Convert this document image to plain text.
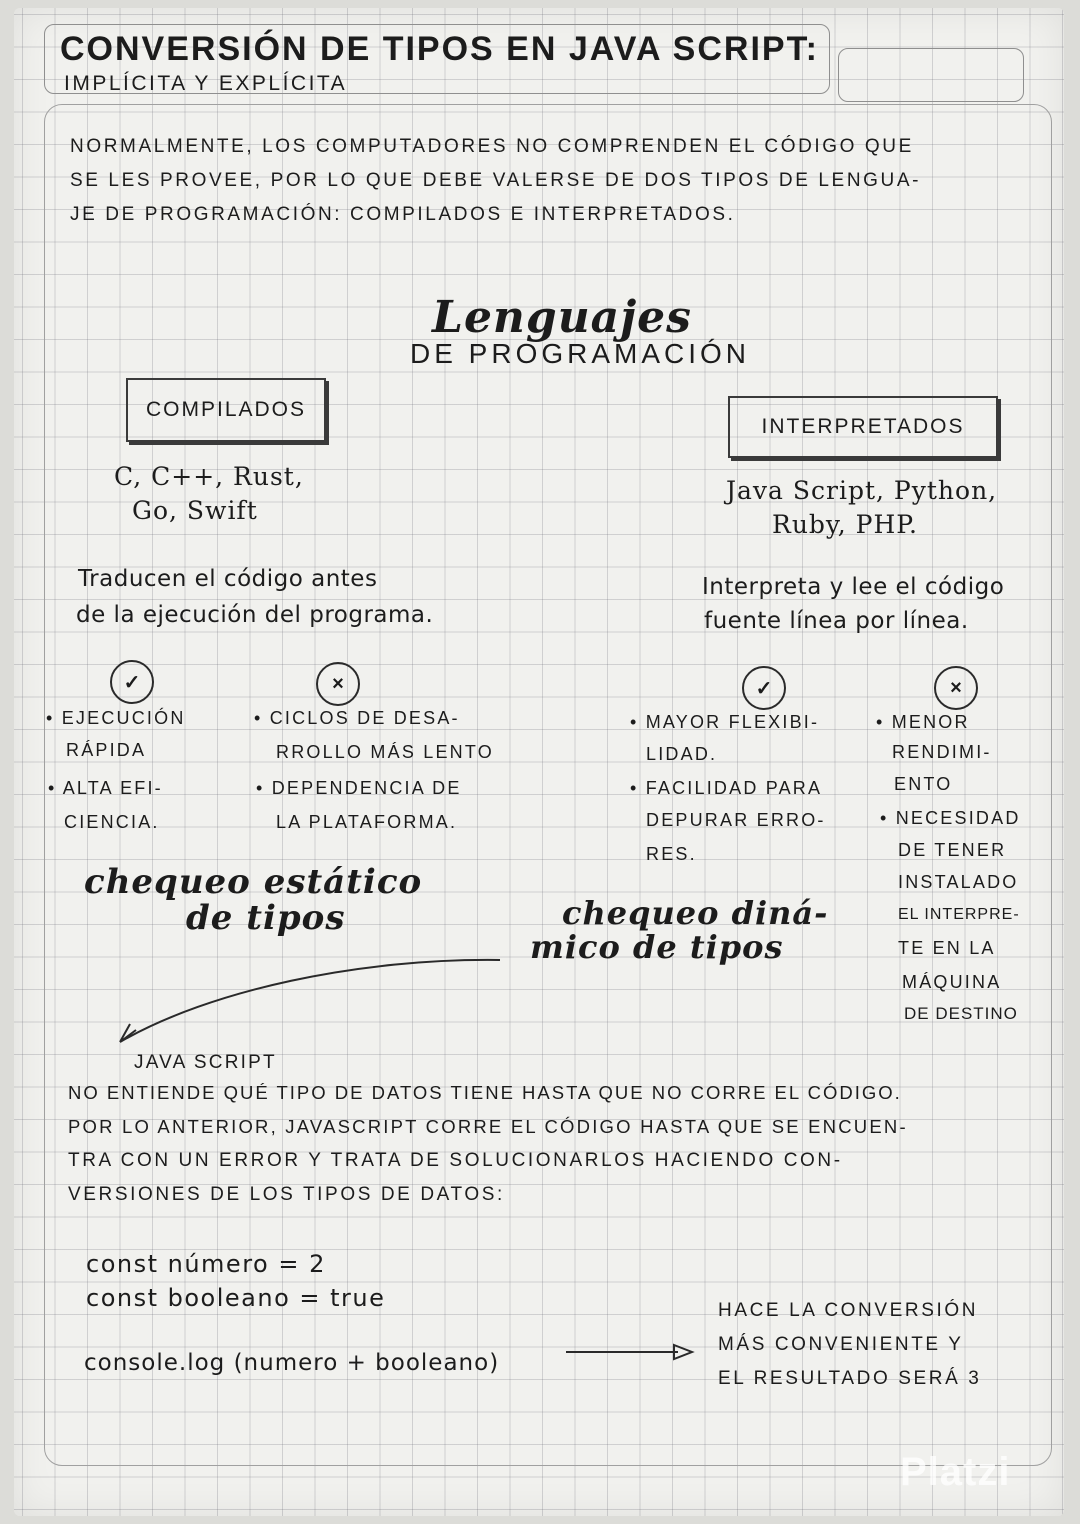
CONVERSIÓN DE TIPOS EN JAVA SCRIPT:
IMPLÍCITA Y EXPLÍCITA
NORMALMENTE, LOS COMPUTADORES NO COMPRENDEN EL CÓDIGO QUE
SE LES PROVEE, POR LO QUE DEBE VALERSE DE DOS TIPOS DE LENGUA-
JE DE PROGRAMACIÓN: COMPILADOS E INTERPRETADOS.
Lenguajes
DE PROGRAMACIÓN
COMPILADOS
INTERPRETADOS
C, C++, Rust,
Go, Swift
Java Script, Python,
Ruby, PHP.
Traducen el código antes
de la ejecución del programa.
Interpreta y lee el código
fuente línea por línea.
✓	×	✓	×
• EJECUCIÓN
RÁPIDA
• ALTA EFI-
CIENCIA.
• CICLOS DE DESA-
RROLLO MÁS LENTO
• DEPENDENCIA DE
LA PLATAFORMA.
• MAYOR FLEXIBI-
LIDAD.
• FACILIDAD PARA
DEPURAR ERRO-
RES.
• MENOR
RENDIMI-
ENTO
• NECESIDAD
DE TENER
INSTALADO
EL INTERPRE-
TE EN LA
MÁQUINA
DE DESTINO
chequeo estático
de tipos	chequeo diná-
mico de tipos
JAVA SCRIPT
NO ENTIENDE QUÉ TIPO DE DATOS TIENE HASTA QUE NO CORRE EL CÓDIGO.
POR LO ANTERIOR, JAVASCRIPT CORRE EL CÓDIGO HASTA QUE SE ENCUEN-
TRA CON UN ERROR Y TRATA DE SOLUCIONARLOS HACIENDO CON-
VERSIONES DE LOS TIPOS DE DATOS:
const número = 2
const booleano = true
console.log (numero + booleano)
HACE LA CONVERSIÓN
MÁS CONVENIENTE Y
EL RESULTADO SERÁ 3
Platzi
